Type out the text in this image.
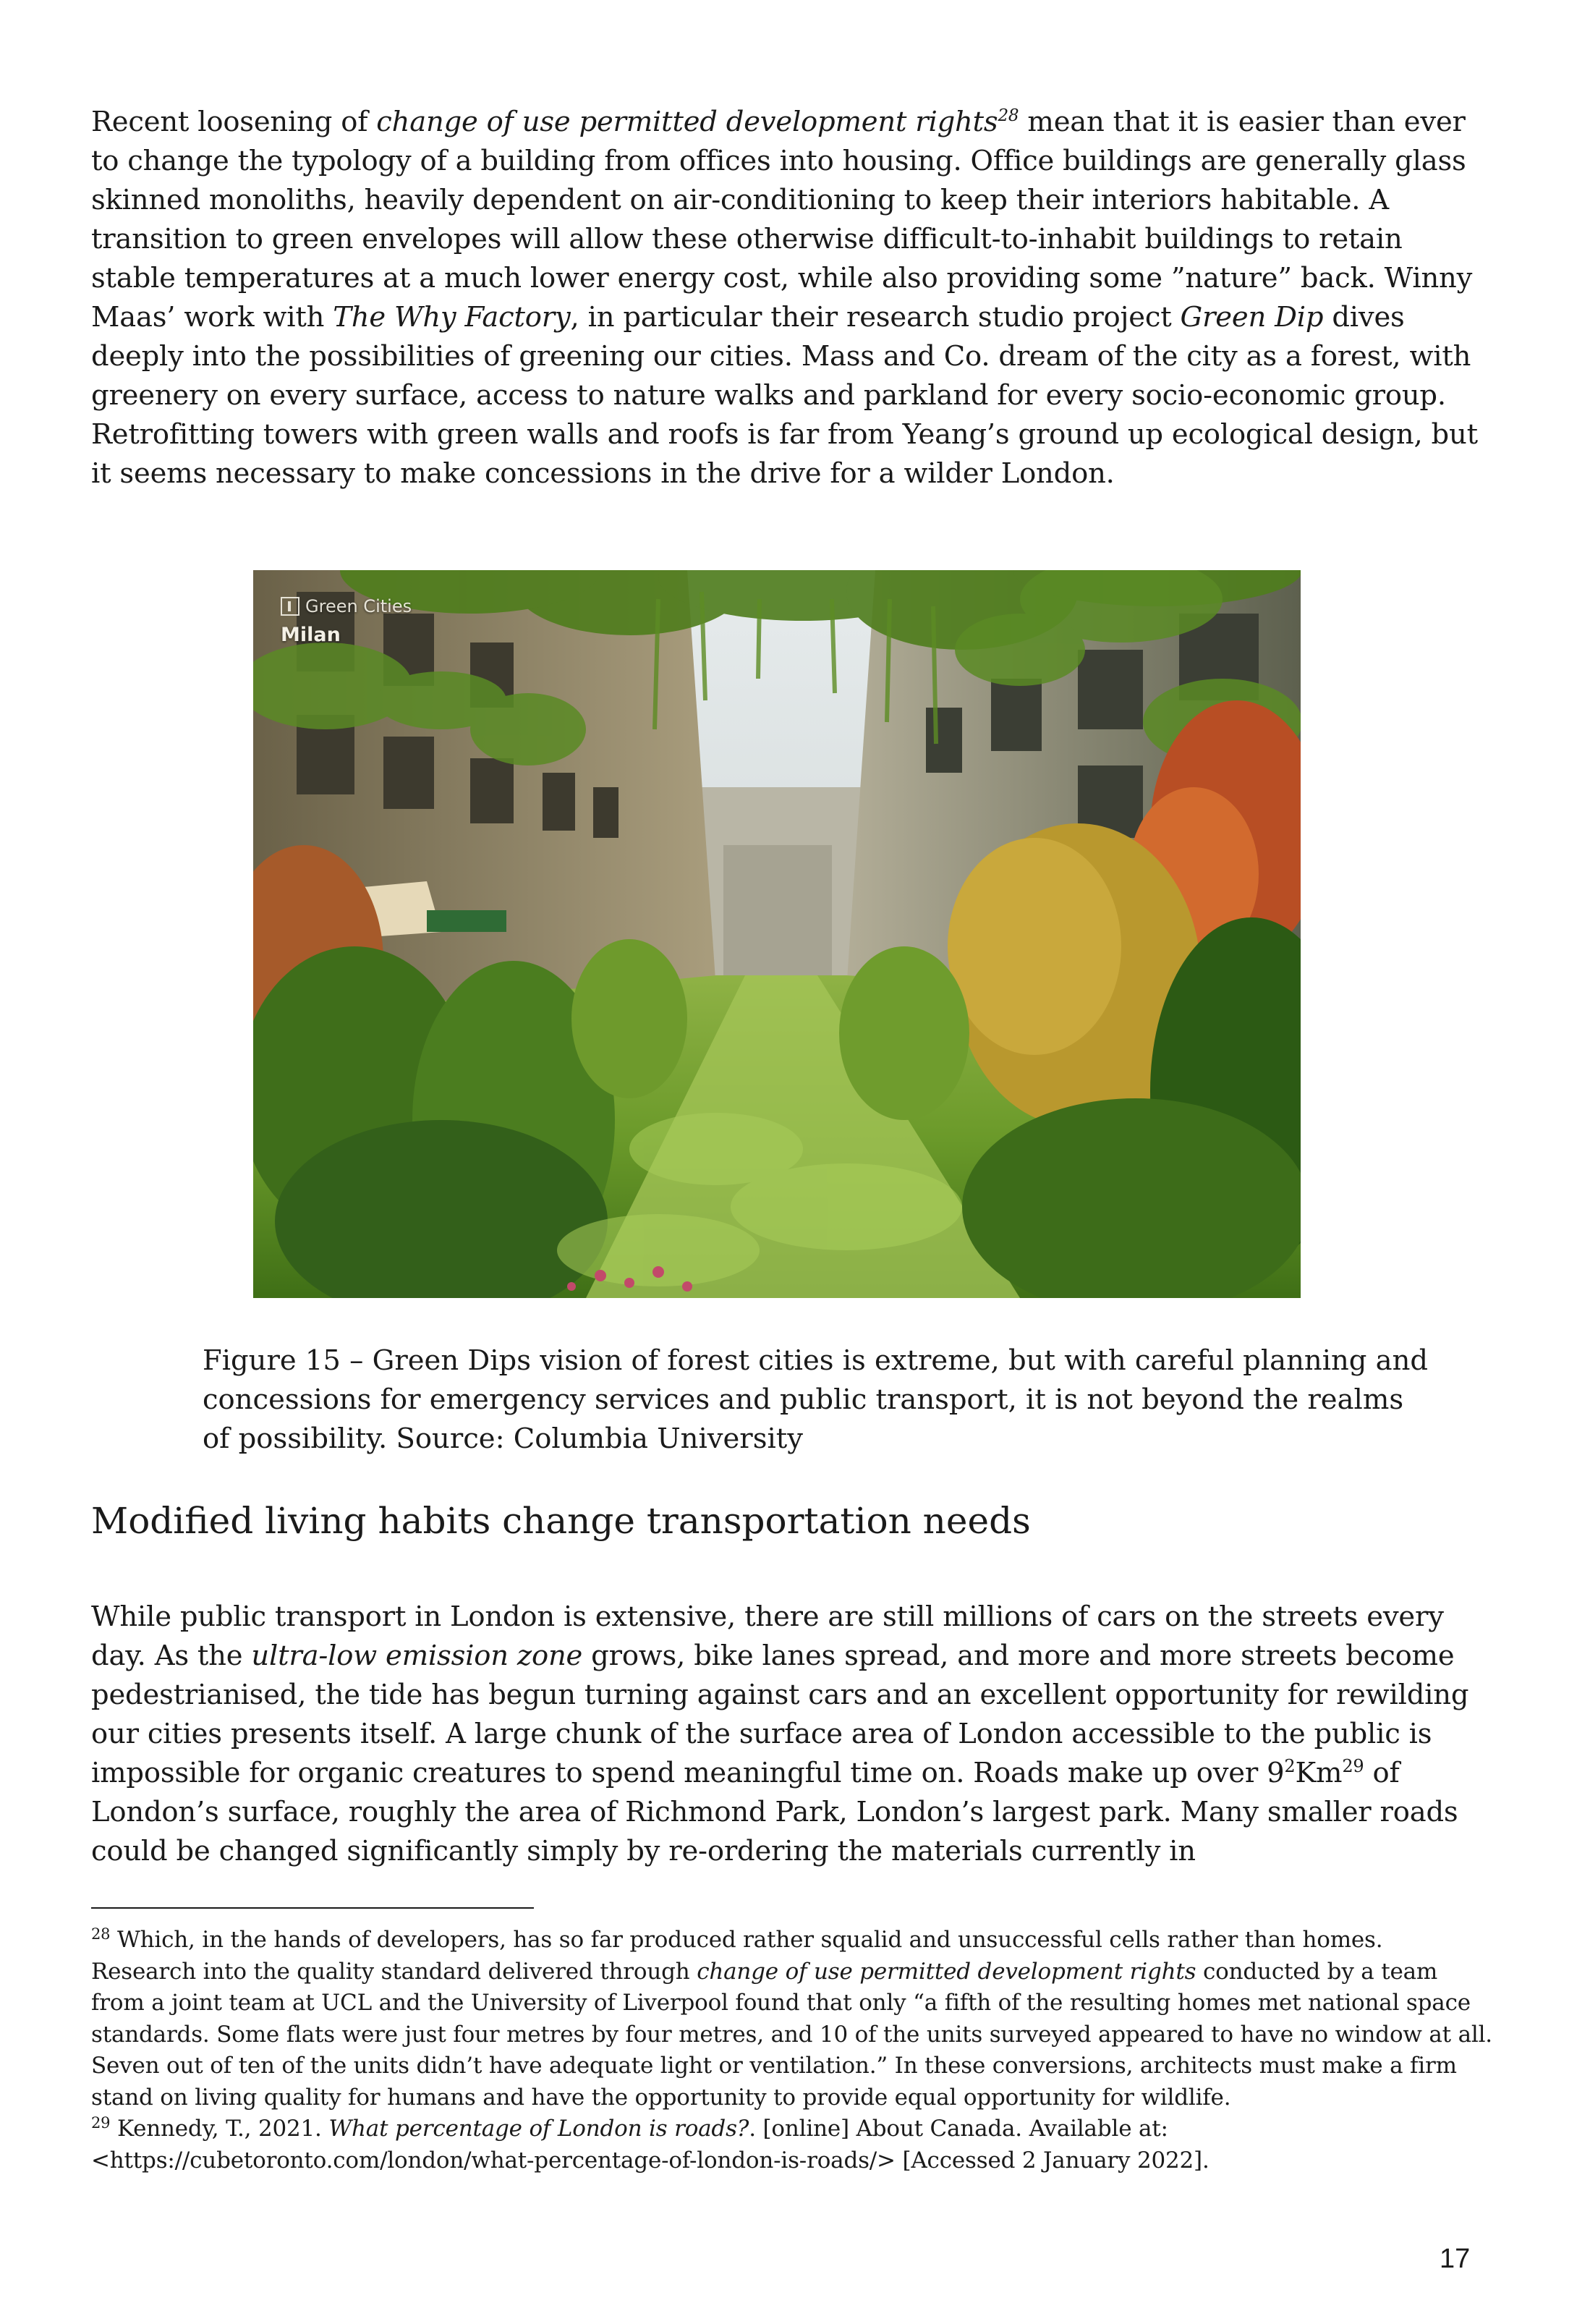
Recent loosening of change of use permitted development rights$^{28}$ mean that it is easier than ever to change the typology of a building from offices into housing. Office buildings are generally glass skinned monoliths, heavily dependent on air-conditioning to keep their interiors habitable. A transition to green envelopes will allow these otherwise difficult-to-inhabit buildings to retain stable temperatures at a much lower energy cost, while also providing some ”nature” back. Winny Maas’ work with The Why Factory, in particular their research studio project Green Dip dives deeply into the possibilities of greening our cities. Mass and Co. dream of the city as a forest, with greenery on every surface, access to nature walks and parkland for every socio-economic group. Retrofitting towers with green walls and roofs is far from Yeang’s ground up ecological design, but it seems necessary to make concessions in the drive for a wilder London.

Green Cities
Milan

Figure 15 – Green Dips vision of forest cities is extreme, but with careful planning and concessions for emergency services and public transport, it is not beyond the realms of possibility. Source: Columbia University

Modified living habits change transportation needs

While public transport in London is extensive, there are still millions of cars on the streets every day. As the ultra-low emission zone grows, bike lanes spread, and more and more streets become pedestrianised, the tide has begun turning against cars and an excellent opportunity for rewilding our cities presents itself. A large chunk of the surface area of London accessible to the public is impossible for organic creatures to spend meaningful time on. Roads make up over 9$^2$Km$^{29}$ of London’s surface, roughly the area of Richmond Park, London’s largest park. Many smaller roads could be changed significantly simply by re-ordering the materials currently in

$^{28}$ Which, in the hands of developers, has so far produced rather squalid and unsuccessful cells rather than homes. Research into the quality standard delivered through change of use permitted development rights conducted by a team from a joint team at UCL and the University of Liverpool found that only “a fifth of the resulting homes met national space standards. Some flats were just four metres by four metres, and 10 of the units surveyed appeared to have no window at all. Seven out of ten of the units didn’t have adequate light or ventilation.” In these conversions, architects must make a firm stand on living quality for humans and have the opportunity to provide equal opportunity for wildlife.

$^{29}$ Kennedy, T., 2021. What percentage of London is roads?. [online] About Canada. Available at:

<https://cubetoronto.com/london/what-percentage-of-london-is-roads/> [Accessed 2 January 2022].

17
